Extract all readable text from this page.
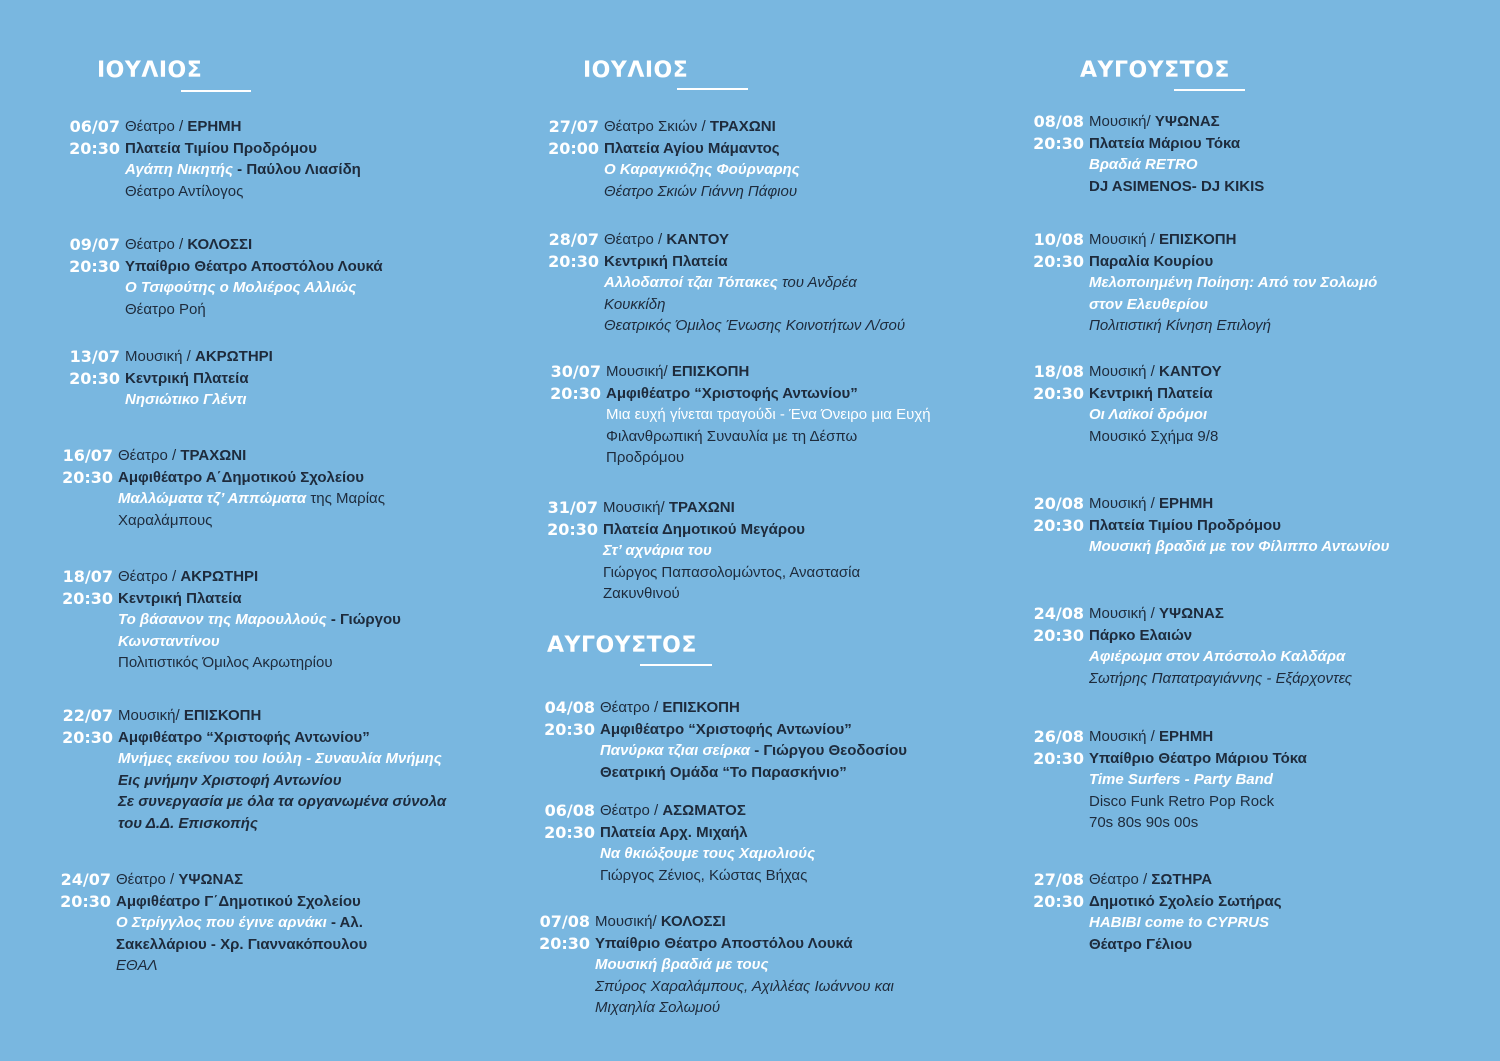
ΙΟΥΛΙΟΣ	ΙΟΥΛΙΟΣ
ΑΥΓΟΥΣΤΟΣ
ΑΥΓΟΥΣΤΟΣ
06/07
20:30
Θέατρο / ΕΡΗΜΗ
Πλατεία Τιμίου Προδρόμου
Αγάπη Νικητής - Παύλου Λιασίδη
Θέατρο Αντίλογος
09/07
20:30
Θέατρο / ΚΟΛΟΣΣΙ
Υπαίθριο Θέατρο Αποστόλου Λουκά
Ο Τσιφούτης ο Μολιέρος Αλλιώς
Θέατρο Ροή
13/07
20:30
Μουσική / ΑΚΡΩΤΗΡΙ
Κεντρική Πλατεία
Νησιώτικο Γλέντι
16/07
20:30
Θέατρο / ΤΡΑΧΩΝΙ
Αμφιθέατρο Α΄Δημοτικού Σχολείου
Μαλλώματα τζ’ Αππώματα της Μαρίας
Χαραλάμπους
18/07
20:30
Θέατρο / ΑΚΡΩΤΗΡΙ
Κεντρική Πλατεία
Το βάσανον της Μαρουλλούς - Γιώργου
Κωνσταντίνου
Πολιτιστικός Όμιλος Ακρωτηρίου
22/07
20:30
Μουσική/ ΕΠΙΣΚΟΠΗ
Αμφιθέατρο “Χριστοφής Αντωνίου”
Μνήμες εκείνου του Ιούλη - Συναυλία Μνήμης
Εις μνήμην Χριστοφή Αντωνίου
Σε συνεργασία με όλα τα οργανωμένα σύνολα
του Δ.Δ. Επισκοπής
24/07
20:30
Θέατρο / ΥΨΩΝΑΣ
Αμφιθέατρο Γ΄Δημοτικού Σχολείου
Ο Στρίγγλος που έγινε αρνάκι - Αλ.
Σακελλάριου - Χρ. Γιαννακόπουλου
ΕΘΑΛ
27/07
20:00
Θέατρο Σκιών / ΤΡΑΧΩΝΙ
Πλατεία Αγίου Μάμαντος
Ο Καραγκιόζης Φούρναρης
Θέατρο Σκιών Γιάννη Πάφιου
28/07
20:30
Θέατρο / ΚΑΝΤΟΥ
Κεντρική Πλατεία
Αλλοδαποί τζαι Τόπακες του Ανδρέα
Κουκκίδη
Θεατρικός Όμιλος Ένωσης Κοινοτήτων Λ/σού
30/07
20:30
Μουσική/ ΕΠΙΣΚΟΠΗ
Αμφιθέατρο “Χριστοφής Αντωνίου”
Μια ευχή γίνεται τραγούδι - Ένα Όνειρο μια Ευχή
Φιλανθρωπική Συναυλία με τη Δέσπω
Προδρόμου
31/07
20:30
Μουσική/ ΤΡΑΧΩΝΙ
Πλατεία Δημοτικού Μεγάρου
Στ’ αχνάρια του
Γιώργος Παπασολομώντος, Αναστασία
Ζακυνθινού
04/08
20:30
Θέατρο / ΕΠΙΣΚΟΠΗ
Αμφιθέατρο “Χριστοφής Αντωνίου”
Πανύρκα τζιαι σείρκα - Γιώργου Θεοδοσίου
Θεατρική Ομάδα “Το Παρασκήνιο”
06/08
20:30
Θέατρο / ΑΣΩΜΑΤΟΣ
Πλατεία Αρχ. Μιχαήλ
Να θκιώξουμε τους Χαμολιούς
Γιώργος Ζένιος, Κώστας Βήχας
07/08
20:30
Μουσική/ ΚΟΛΟΣΣΙ
Υπαίθριο Θέατρο Αποστόλου Λουκά
Μουσική βραδιά με τους
Σπύρος Χαραλάμπους, Αχιλλέας Ιωάννου και
Μιχαηλία Σολωμού
08/08
20:30
Μουσική/ ΥΨΩΝΑΣ
Πλατεία Μάριου Τόκα
Βραδιά RETRO
DJ ASIMENOS- DJ KIKIS
10/08
20:30
Μουσική / ΕΠΙΣΚΟΠΗ
Παραλία Κουρίου
Μελοποιημένη Ποίηση: Από τον Σολωμό
στον Ελευθερίου
Πολιτιστική Κίνηση Επιλογή
18/08
20:30
Μουσική / ΚΑΝΤΟΥ
Κεντρική Πλατεία
Οι Λαϊκοί δρόμοι
Μουσικό Σχήμα 9/8
20/08
20:30
Μουσική / ΕΡΗΜΗ
Πλατεία Τιμίου Προδρόμου
Μουσική βραδιά με τον Φίλιππο Αντωνίου
24/08
20:30
Μουσική / ΥΨΩΝΑΣ
Πάρκο Ελαιών
Αφιέρωμα στον Απόστολο Καλδάρα
Σωτήρης Παπατραγιάννης - Εξάρχοντες
26/08
20:30
Μουσική / ΕΡΗΜΗ
Υπαίθριο Θέατρο Μάριου Τόκα
Time Surfers - Party Band
Disco Funk Retro Pop Rock
70s 80s 90s 00s
27/08
20:30
Θέατρο / ΣΩΤΗΡΑ
Δημοτικό Σχολείο Σωτήρας
HABIBI come to CYPRUS
Θέατρο Γέλιου
